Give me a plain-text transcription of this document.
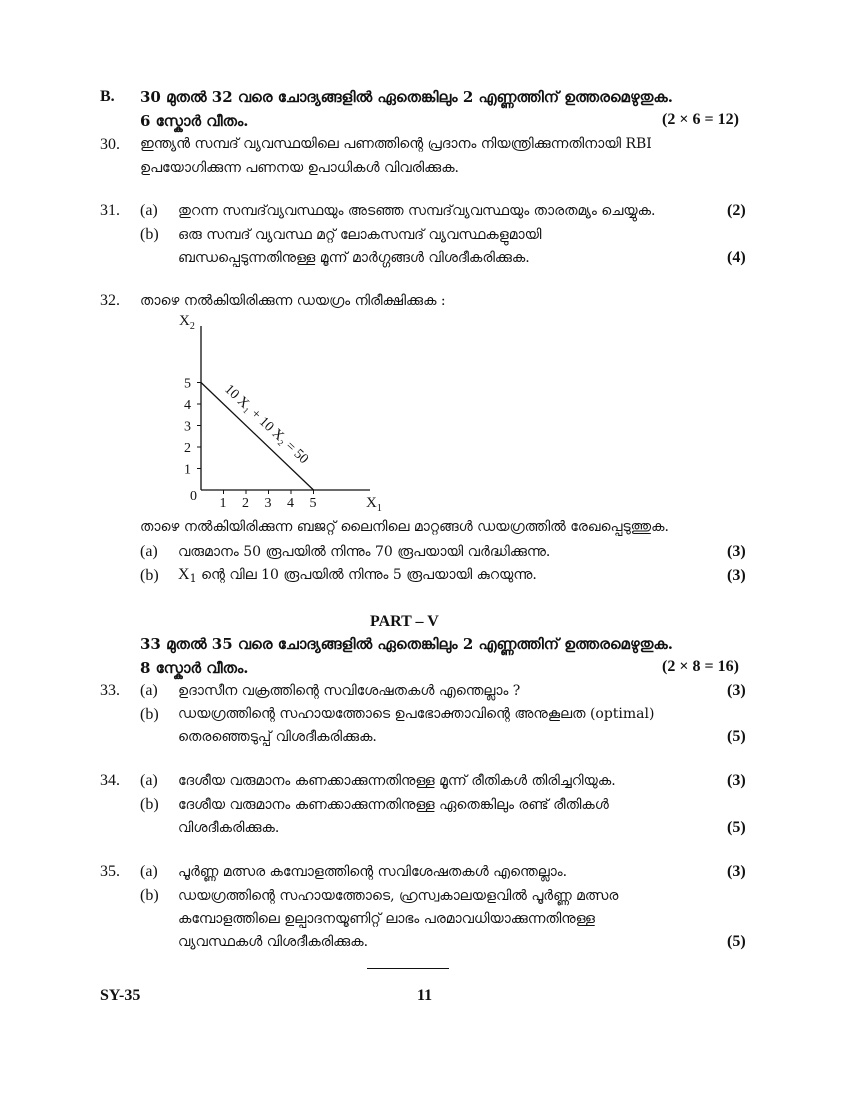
B. 30 മുതൽ 32 വരെ ചോദ്യങ്ങളിൽ ഏതെങ്കിലും 2 എണ്ണത്തിന് ഉത്തരമെഴുതുക.
6 സ്കോർ വീതം.	(2 × 6 = 12)
30. ഇന്ത്യൻ സമ്പദ് വ്യവസ്ഥയിലെ പണത്തിന്റെ പ്രദാനം നിയന്ത്രിക്കുന്നതിനായി RBI
ഉപയോഗിക്കുന്ന പണനയ ഉപാധികൾ വിവരിക്കുക.
31. (a) തുറന്ന സമ്പദ്‌വ്യവസ്ഥയും അടഞ്ഞ സമ്പദ്‌വ്യവസ്ഥയും താരതമ്യം ചെയ്യുക.	(2)
(b) ഒരു സമ്പദ് വ്യവസ്ഥ മറ്റ് ലോകസമ്പദ് വ്യവസ്ഥകളുമായി
ബന്ധപ്പെടുന്നതിനുള്ള മൂന്ന് മാർഗ്ഗങ്ങൾ വിശദീകരിക്കുക.	(4)
32. താഴെ നൽകിയിരിക്കുന്ന ഡയഗ്രം നിരീക്ഷിക്കുക :
$X_2$
$X_1$
0
1
2
3
4
5
1 2 3 4 5
10 X₁ + 10 X₂ = 50
താഴെ നൽകിയിരിക്കുന്ന ബജറ്റ് ലൈനിലെ മാറ്റങ്ങൾ ഡയഗ്രത്തിൽ രേഖപ്പെടുത്തുക.
(a) വരുമാനം 50 രൂപയിൽ നിന്നും 70 രൂപയായി വർദ്ധിക്കുന്നു.	(3)
(b) $X_1$ ന്റെ വില 10 രൂപയിൽ നിന്നും 5 രൂപയായി കുറയുന്നു.	(3)
PART – V
33 മുതൽ 35 വരെ ചോദ്യങ്ങളിൽ ഏതെങ്കിലും 2 എണ്ണത്തിന് ഉത്തരമെഴുതുക.
8 സ്കോർ വീതം.	(2 × 8 = 16)
33. (a) ഉദാസീന വക്രത്തിന്റെ സവിശേഷതകൾ എന്തെല്ലാം ?	(3)
(b) ഡയഗ്രത്തിന്റെ സഹായത്തോടെ ഉപഭോക്താവിന്റെ അനുകൂലത (optimal)
തെരഞ്ഞെടുപ്പ് വിശദീകരിക്കുക.	(5)
34. (a) ദേശീയ വരുമാനം കണക്കാക്കുന്നതിനുള്ള മൂന്ന് രീതികൾ തിരിച്ചറിയുക.	(3)
(b) ദേശീയ വരുമാനം കണക്കാക്കുന്നതിനുള്ള ഏതെങ്കിലും രണ്ട് രീതികൾ
വിശദീകരിക്കുക.	(5)
35. (a) പൂർണ്ണ മത്സര കമ്പോളത്തിന്റെ സവിശേഷതകൾ എന്തെല്ലാം.	(3)
(b) ഡയഗ്രത്തിന്റെ സഹായത്തോടെ, ഹ്രസ്വകാലയളവിൽ പൂർണ്ണ മത്സര
കമ്പോളത്തിലെ ഉല്പാദനയൂണിറ്റ് ലാഭം പരമാവധിയാക്കുന്നതിനുള്ള
വ്യവസ്ഥകൾ വിശദീകരിക്കുക.	(5)
SY-35	11
